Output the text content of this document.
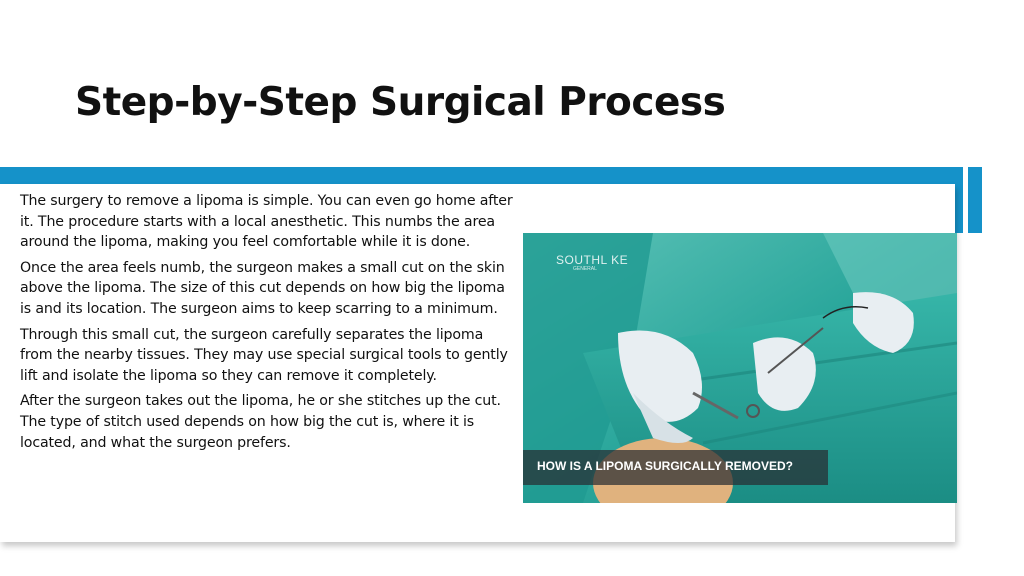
Step-by-Step Surgical Process

The surgery to remove a lipoma is simple. You can even go home after it. The procedure starts with a local anesthetic. This numbs the area around the lipoma, making you feel comfortable while it is done.

Once the area feels numb, the surgeon makes a small cut on the skin above the lipoma. The size of this cut depends on how big the lipoma is and its location. The surgeon aims to keep scarring to a minimum.

Through this small cut, the surgeon carefully separates the lipoma from the nearby tissues. They may use special surgical tools to gently lift and isolate the lipoma so they can remove it completely.

After the surgeon takes out the lipoma, he or she stitches up the cut. The type of stitch used depends on how big the cut is, where it is located, and what the surgeon prefers.

SOUTHL KE
GENERAL
HOW IS A LIPOMA SURGICALLY REMOVED?
